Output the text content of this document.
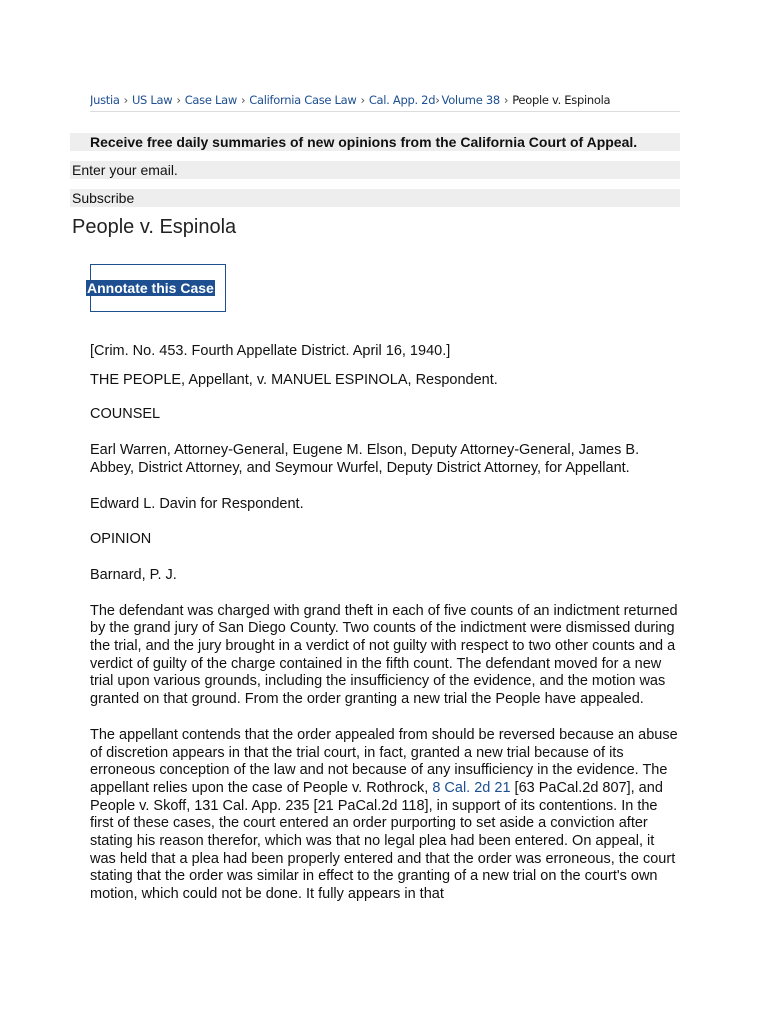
Justia › US Law › Case Law › California Case Law › Cal. App. 2d› Volume 38 › People v. Espinola
Receive free daily summaries of new opinions from the California Court of Appeal.
Enter your email.
Subscribe
People v. Espinola
Annotate this Case

[Crim. No. 453. Fourth Appellate District. April 16, 1940.]

THE PEOPLE, Appellant, v. MANUEL ESPINOLA, Respondent.

COUNSEL

Earl Warren, Attorney-General, Eugene M. Elson, Deputy Attorney-General, James B. Abbey, District Attorney, and Seymour Wurfel, Deputy District Attorney, for Appellant.

Edward L. Davin for Respondent.

OPINION

Barnard, P. J.

The defendant was charged with grand theft in each of five counts of an indictment returned by the grand jury of San Diego County. Two counts of the indictment were dismissed during the trial, and the jury brought in a verdict of not guilty with respect to two other counts and a verdict of guilty of the charge contained in the fifth count. The defendant moved for a new trial upon various grounds, including the insufficiency of the evidence, and the motion was granted on that ground. From the order granting a new trial the People have appealed.

The appellant contends that the order appealed from should be reversed because an abuse of discretion appears in that the trial court, in fact, granted a new trial because of its erroneous conception of the law and not because of any insufficiency in the evidence. The appellant relies upon the case of People v. Rothrock, 8 Cal. 2d 21 [63 PaCal.2d 807], and People v. Skoff, 131 Cal. App. 235 [21 PaCal.2d 118], in support of its contentions. In the first of these cases, the court entered an order purporting to set aside a conviction after stating his reason therefor, which was that no legal plea had been entered. On appeal, it was held that a plea had been properly entered and that the order was erroneous, the court stating that the order was similar in effect to the granting of a new trial on the court's own motion, which could not be done. It fully appears in that
